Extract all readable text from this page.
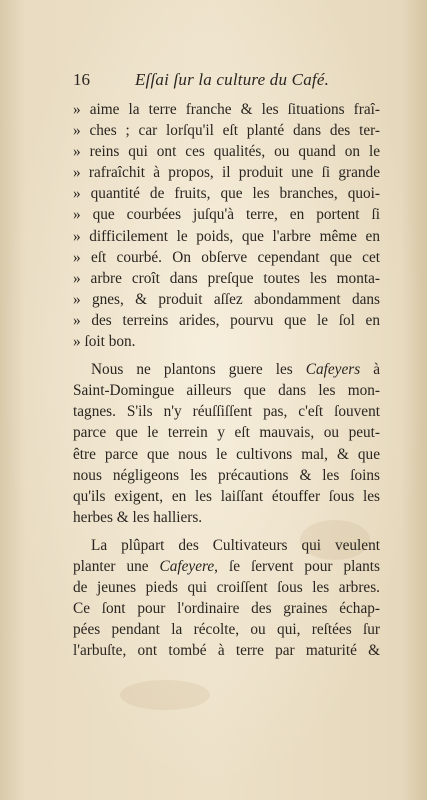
16	Eſſai ſur la culture du Café.
» aime la terre franche & les ſituations fraî-
» ches ; car lorſqu'il eſt planté dans des ter-
» reins qui ont ces qualités, ou quand on le
» rafraîchit à propos, il produit une ſi grande
» quantité de fruits, que les branches, quoi-
» que courbées juſqu'à terre, en portent ſi
» difficilement le poids, que l'arbre même en
» eſt courbé. On obſerve cependant que cet
» arbre croît dans preſque toutes les monta-
» gnes, & produit aſſez abondamment dans
» des terreins arides, pourvu que le ſol en
» ſoit bon.
Nous ne plantons guere les Cafeyers à
Saint-Domingue ailleurs que dans les mon-
tagnes. S'ils n'y réuſſiſſent pas, c'eſt ſouvent
parce que le terrein y eſt mauvais, ou peut-
être parce que nous le cultivons mal, & que
nous négligeons les précautions & les ſoins
qu'ils exigent, en les laiſſant étouffer ſous les
herbes & les halliers.
La plûpart des Cultivateurs qui veulent
planter une Cafeyere, ſe ſervent pour plants
de jeunes pieds qui croiſſent ſous les arbres.
Ce ſont pour l'ordinaire des graines échap-
pées pendant la récolte, ou qui, reſtées ſur
l'arbuſte, ont tombé à terre par maturité &
